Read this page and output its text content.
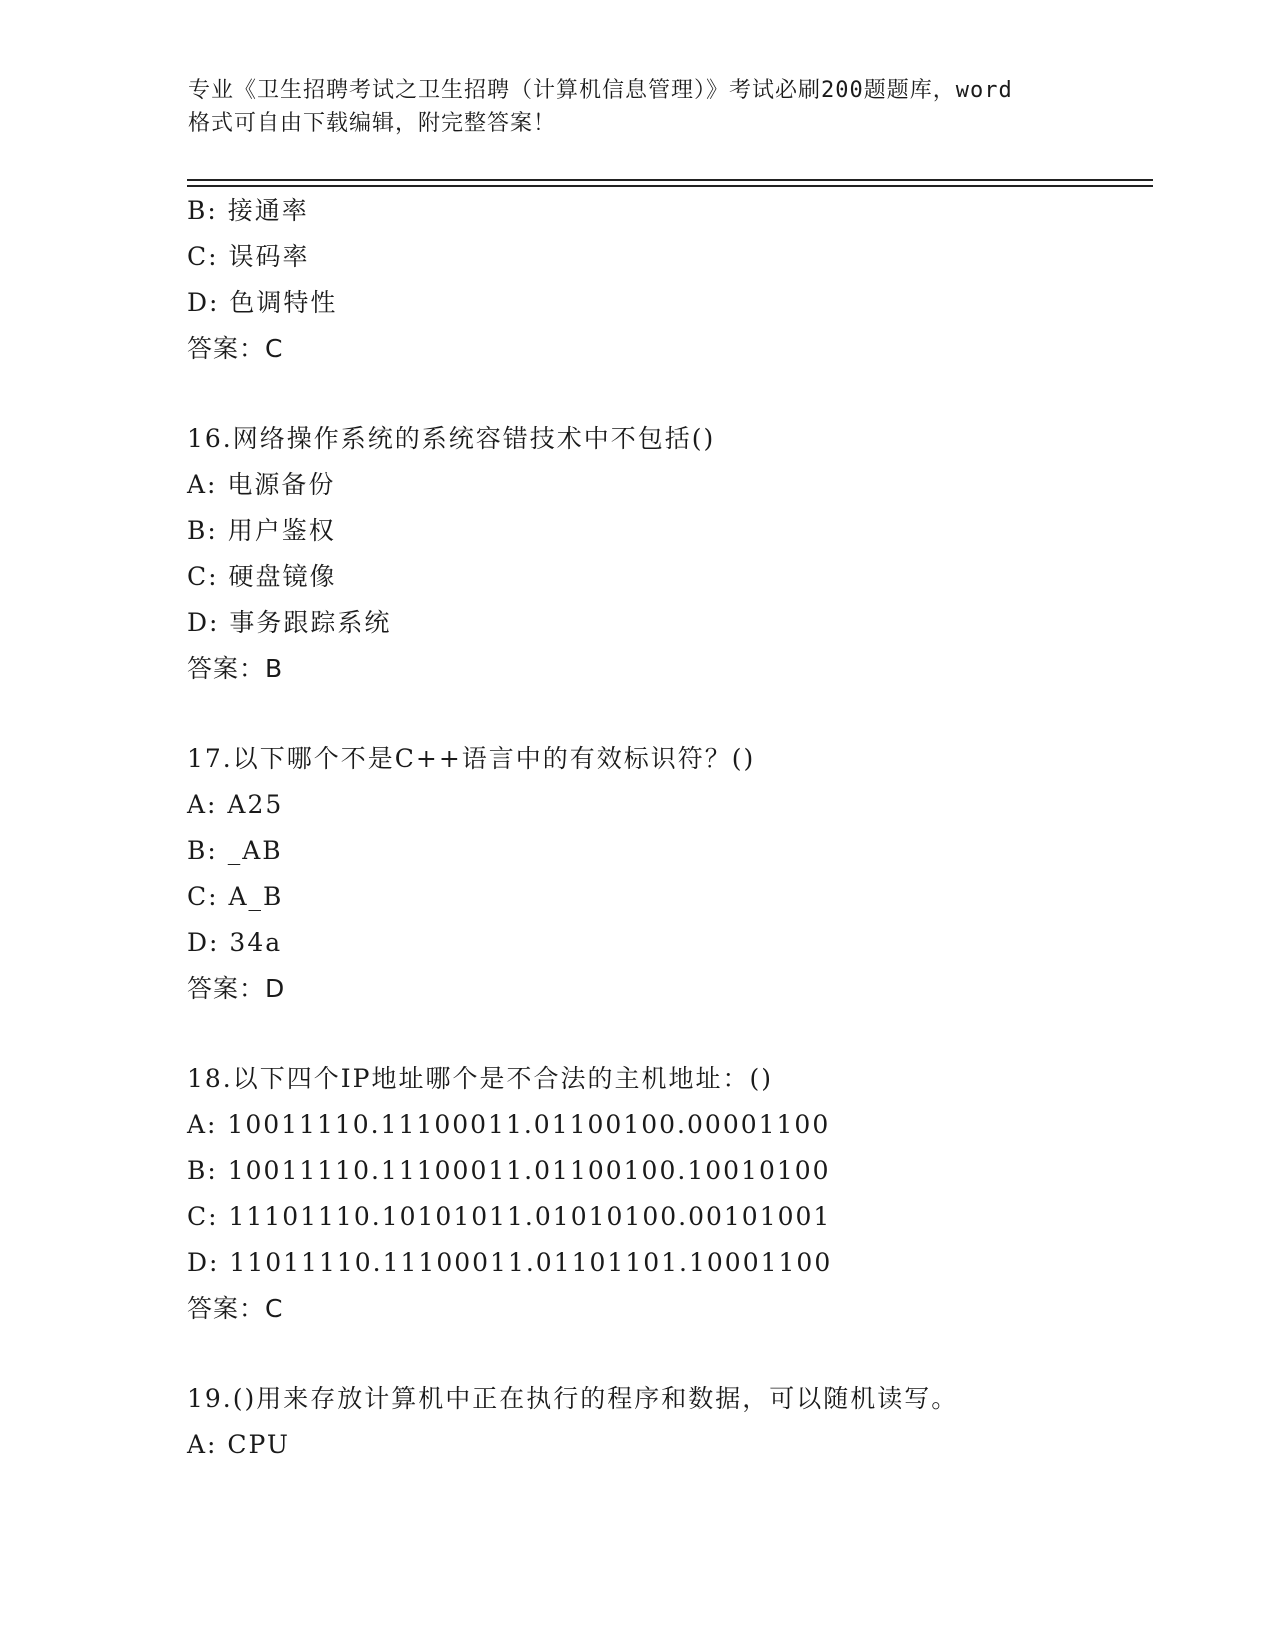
专业《卫生招聘考试之卫生招聘（计算机信息管理）》考试必刷200题题库，word
格式可自由下载编辑，附完整答案！
B: 接通率
C: 误码率
D: 色调特性
答案：C
16.网络操作系统的系统容错技术中不包括()
A: 电源备份
B: 用户鉴权
C: 硬盘镜像
D: 事务跟踪系统
答案：B
17.以下哪个不是C++语言中的有效标识符？()
A: A25
B: _AB
C: A_B
D: 34a
答案：D
18.以下四个IP地址哪个是不合法的主机地址：()
A: 10011110.11100011.01100100.00001100
B: 10011110.11100011.01100100.10010100
C: 11101110.10101011.01010100.00101001
D: 11011110.11100011.01101101.10001100
答案：C
19.()用来存放计算机中正在执行的程序和数据，可以随机读写。
A: CPU
